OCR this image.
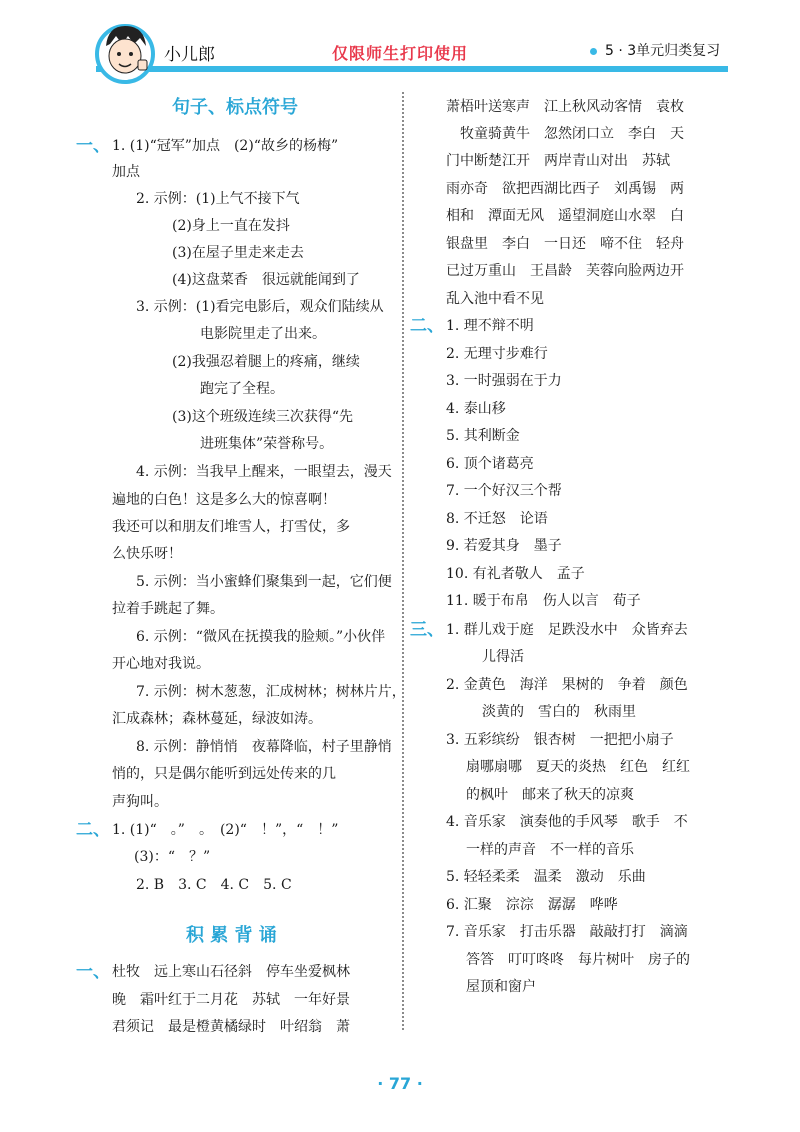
小儿郎	仅限师生打印使用	5 · 3单元归类复习
句子、标点符号
积 累 背 诵
一、
二、
一、
1. (1)“冠军”加点　(2)“故乡的杨梅”
加点
2. 示例：(1)上气不接下气
(2)身上一直在发抖
(3)在屋子里走来走去
(4)这盘菜香　很远就能闻到了
3. 示例：(1)看完电影后，观众们陆续从
电影院里走了出来。
(2)我强忍着腿上的疼痛，继续
跑完了全程。
(3)这个班级连续三次获得“先
进班集体”荣誉称号。
4. 示例：当我早上醒来，一眼望去，漫天
遍地的白色！这是多么大的惊喜啊！
我还可以和朋友们堆雪人，打雪仗，多
么快乐呀！
5. 示例：当小蜜蜂们聚集到一起，它们便
拉着手跳起了舞。
6. 示例：“微风在抚摸我的脸颊。”小伙伴
开心地对我说。
7. 示例：树木葱葱，汇成树林；树林片片，
汇成森林；森林蔓延，绿波如涛。
8. 示例：静悄悄　夜幕降临，村子里静悄
悄的，只是偶尔能听到远处传来的几
声狗叫。
1. (1)“　。”　。　(2)“　！”，“　！”
(3)：“　？”
2. B　3. C　4. C　5. C
杜牧　远上寒山石径斜　停车坐爱枫林
晚　霜叶红于二月花　苏轼　一年好景
君须记　最是橙黄橘绿时　叶绍翁　萧
二、
三、
萧梧叶送寒声　江上秋风动客情　袁枚
牧童骑黄牛　忽然闭口立　李白　天
门中断楚江开　两岸青山对出　苏轼
雨亦奇　欲把西湖比西子　刘禹锡　两
相和　潭面无风　遥望洞庭山水翠　白
银盘里　李白　一日还　啼不住　轻舟
已过万重山　王昌龄　芙蓉向脸两边开
乱入池中看不见
1. 理不辩不明
2. 无理寸步难行
3. 一时强弱在于力
4. 泰山移
5. 其利断金
6. 顶个诸葛亮
7. 一个好汉三个帮
8. 不迁怒　论语
9. 若爱其身　墨子
10. 有礼者敬人　孟子
11. 暖于布帛　伤人以言　荀子
1. 群儿戏于庭　足跌没水中　众皆弃去
儿得活
2. 金黄色　海洋　果树的　争着　颜色
淡黄的　雪白的　秋雨里
3. 五彩缤纷　银杏树　一把把小扇子
扇哪扇哪　夏天的炎热　红色　红红
的枫叶　邮来了秋天的凉爽
4. 音乐家　演奏他的手风琴　歌手　不
一样的声音　不一样的音乐
5. 轻轻柔柔　温柔　激动　乐曲
6. 汇聚　淙淙　潺潺　哗哗
7. 音乐家　打击乐器　敲敲打打　滴滴
答答　叮叮咚咚　每片树叶　房子的
屋顶和窗户
· 77 ·
